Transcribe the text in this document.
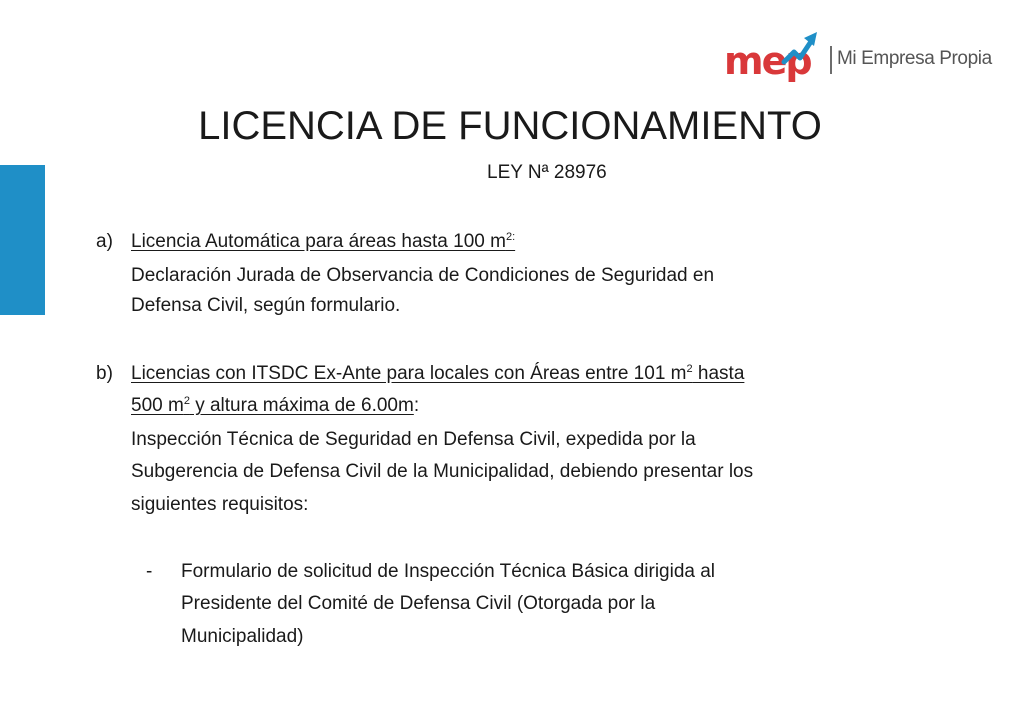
mep Mi Empresa Propia
LICENCIA DE FUNCIONAMIENTO
LEY Nª 28976
a) Licencia Automática para áreas hasta 100 $m^{2:}$
Declaración Jurada de Observancia de Condiciones de Seguridad en
Defensa Civil, según formulario.
b) Licencias con ITSDC Ex-Ante para locales con Áreas entre 101 $m^2$ hasta
500 $m^2$ y altura máxima de 6.00m:
Inspección Técnica de Seguridad en Defensa Civil, expedida por la
Subgerencia de Defensa Civil de la Municipalidad, debiendo presentar los
siguientes requisitos:
- Formulario de solicitud de Inspección Técnica Básica dirigida al
Presidente del Comité de Defensa Civil (Otorgada por la
Municipalidad)
